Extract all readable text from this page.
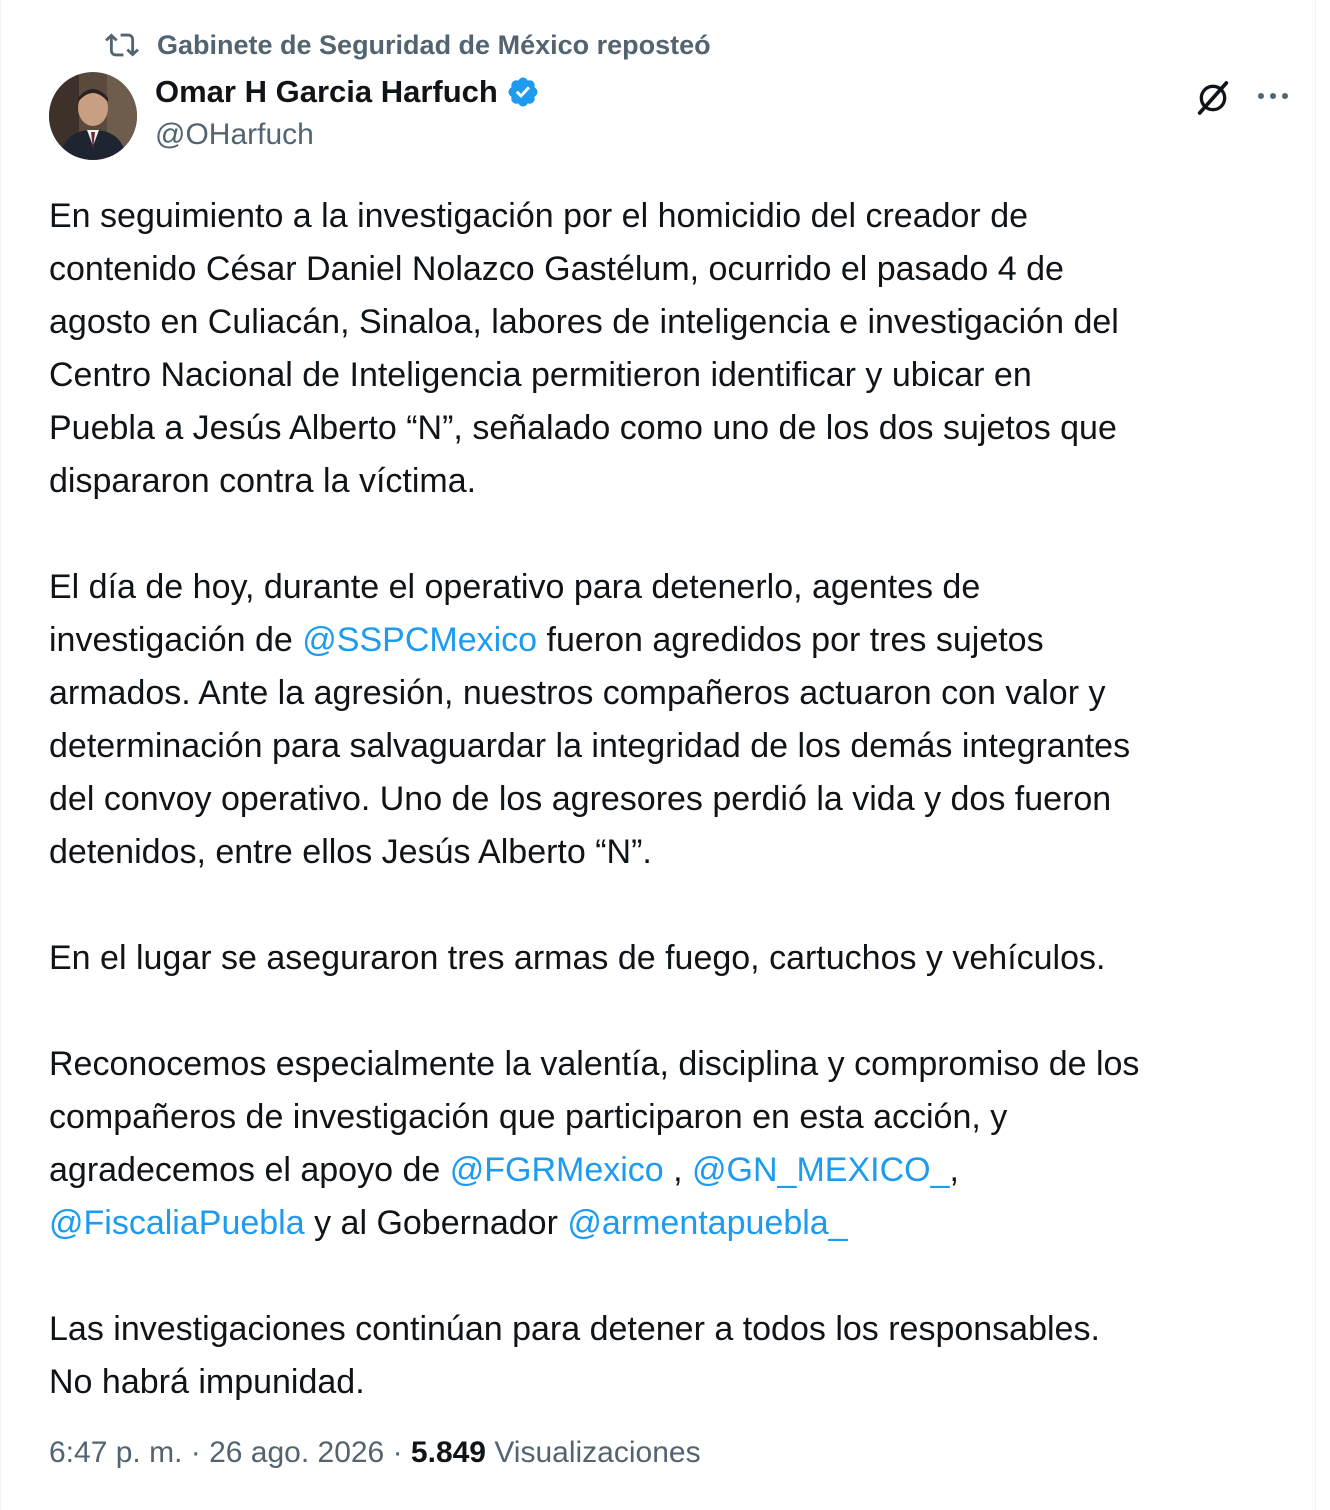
Gabinete de Seguridad de México reposteó
Omar H Garcia Harfuch
@OHarfuch

En seguimiento a la investigación por el homicidio del creador de
contenido César Daniel Nolazco Gastélum, ocurrido el pasado 4 de
agosto en Culiacán, Sinaloa, labores de inteligencia e investigación del
Centro Nacional de Inteligencia permitieron identificar y ubicar en
Puebla a Jesús Alberto “N”, señalado como uno de los dos sujetos que
dispararon contra la víctima.

El día de hoy, durante el operativo para detenerlo, agentes de
investigación de @SSPCMexico fueron agredidos por tres sujetos
armados. Ante la agresión, nuestros compañeros actuaron con valor y
determinación para salvaguardar la integridad de los demás integrantes
del convoy operativo. Uno de los agresores perdió la vida y dos fueron
detenidos, entre ellos Jesús Alberto “N”.

En el lugar se aseguraron tres armas de fuego, cartuchos y vehículos.

Reconocemos especialmente la valentía, disciplina y compromiso de los
compañeros de investigación que participaron en esta acción, y
agradecemos el apoyo de @FGRMexico , @GN_MEXICO_,
@FiscaliaPuebla y al Gobernador @armentapuebla_

Las investigaciones continúan para detener a todos los responsables.
No habrá impunidad.

6:47 p. m. · 26 ago. 2026 · 5.849 Visualizaciones
